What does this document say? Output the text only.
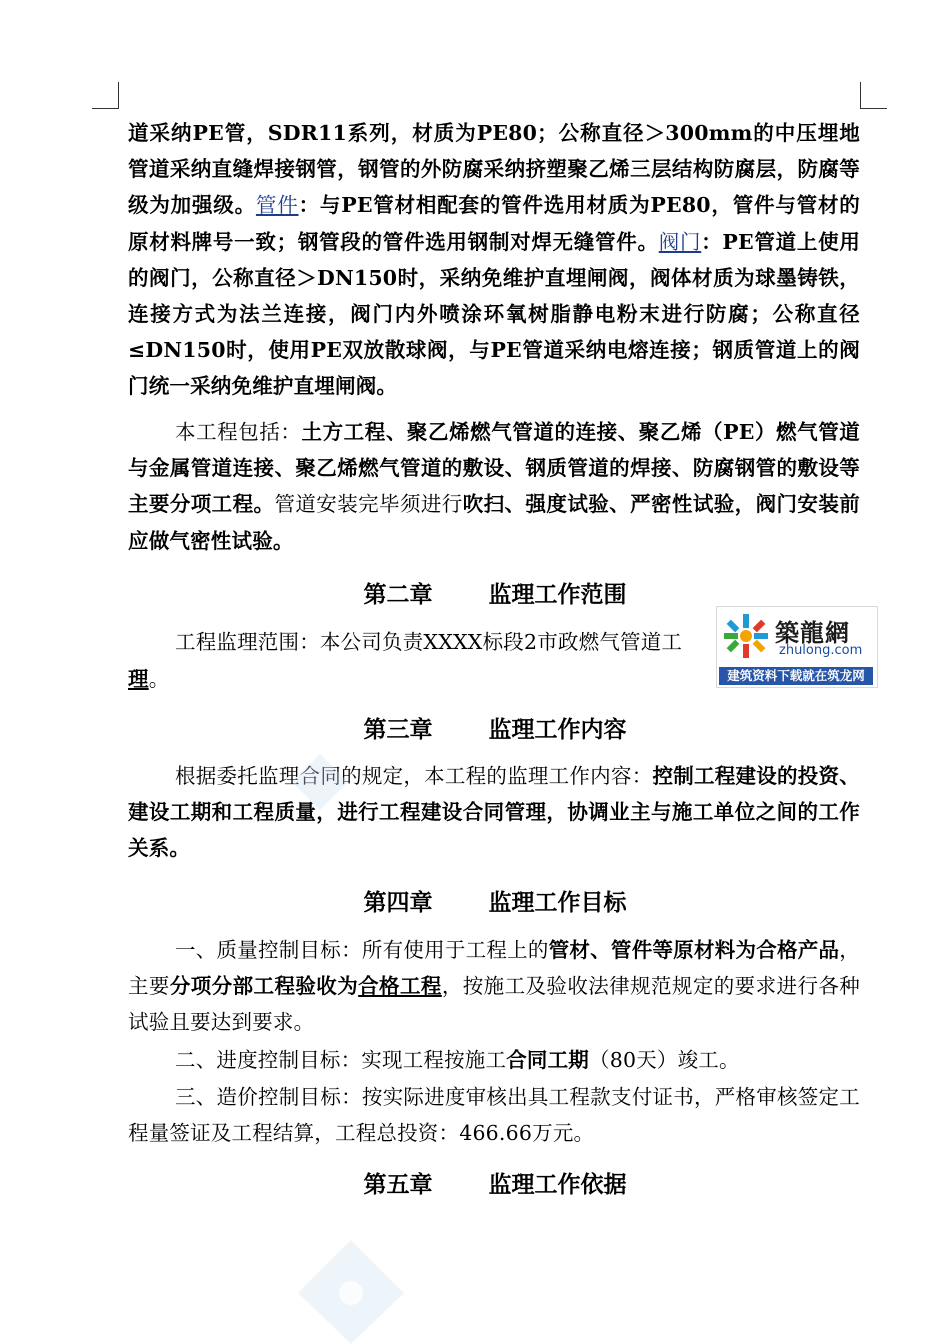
道采纳PE管，SDR11系列，材质为PE80；公称直径＞300mm的中压埋地管道采纳直缝焊接钢管，钢管的外防腐采纳挤塑聚乙烯三层结构防腐层，防腐等级为加强级。管件：与PE管材相配套的管件选用材质为PE80，管件与管材的原材料牌号一致；钢管段的管件选用钢制对焊无缝管件。阀门：PE管道上使用的阀门，公称直径＞DN150时，采纳免维护直埋闸阀，阀体材质为球墨铸铁，连接方式为法兰连接，阀门内外喷涂环氧树脂静电粉末进行防腐；公称直径≤DN150时，使用PE双放散球阀，与PE管道采纳电熔连接；钢质管道上的阀门统一采纳免维护直埋闸阀。
本工程包括：土方工程、聚乙烯燃气管道的连接、聚乙烯（PE）燃气管道与金属管道连接、聚乙烯燃气管道的敷设、钢质管道的焊接、防腐钢管的敷设等主要分项工程。管道安装完毕须进行吹扫、强度试验、严密性试验，阀门安装前应做气密性试验。
第二章 监理工作范围
工程监理范围：本公司负责XXXX标段2市政燃气管道工
理。
築龍網
zhulong.com
建筑资料下载就在筑龙网
第三章 监理工作内容
根据委托监理合同的规定，本工程的监理工作内容：控制工程建设的投资、建设工期和工程质量，进行工程建设合同管理，协调业主与施工单位之间的工作关系。
第四章 监理工作目标
一、质量控制目标：所有使用于工程上的管材、管件等原材料为合格产品，主要分项分部工程验收为合格工程，按施工及验收法律规范规定的要求进行各种试验且要达到要求。
二、进度控制目标：实现工程按施工合同工期（80天）竣工。
三、造价控制目标：按实际进度审核出具工程款支付证书，严格审核签定工程量签证及工程结算，工程总投资：466.66万元。
第五章 监理工作依据
